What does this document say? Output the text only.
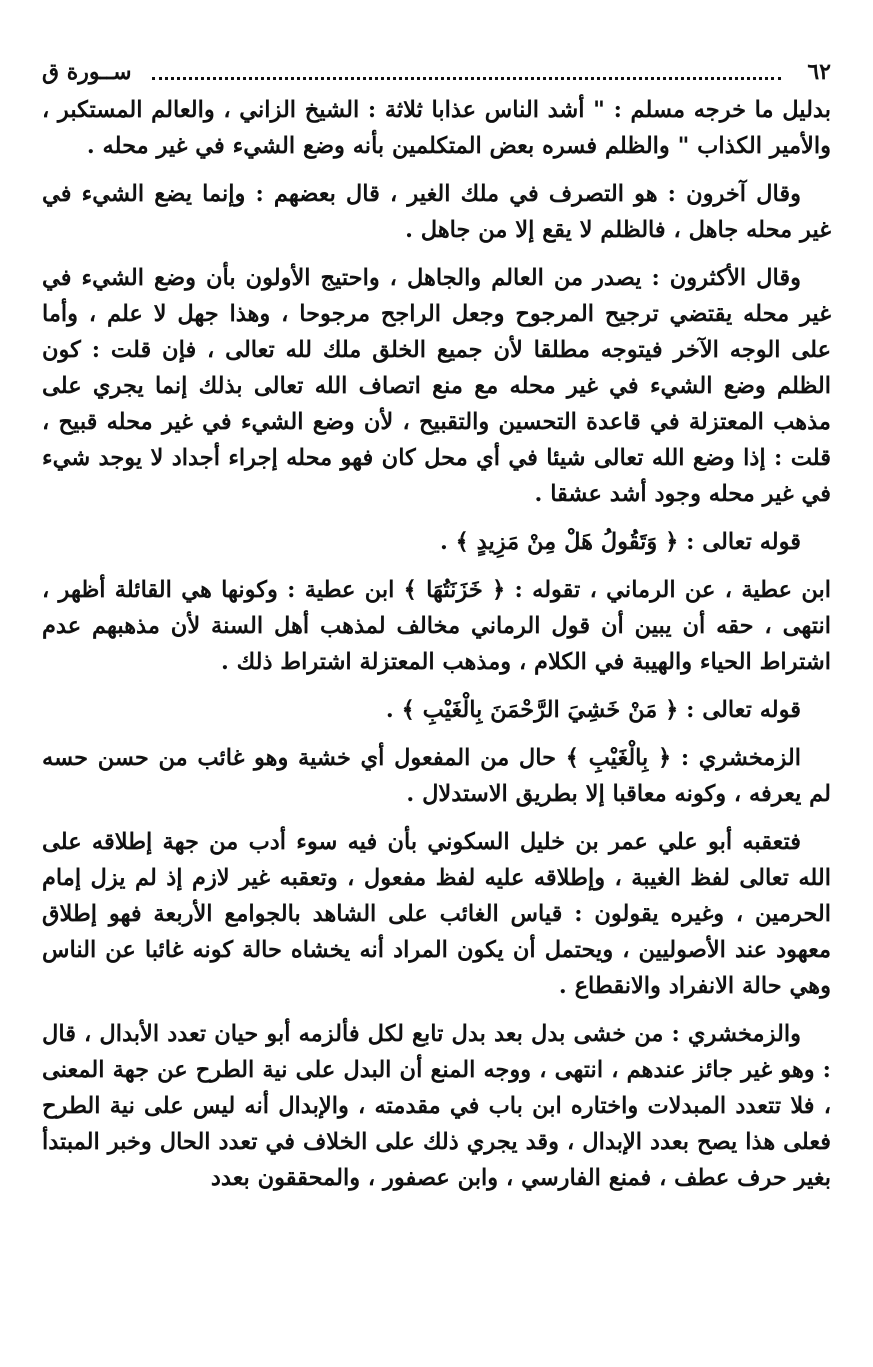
٦٢
ســورة ق

بدليل ما خرجه مسلم : " أشد الناس عذابا ثلاثة : الشيخ الزاني ، والعالم المستكبر ، والأمير الكذاب " والظلم فسره بعض المتكلمين بأنه وضع الشيء في غير محله .

وقال آخرون : هو التصرف في ملك الغير ، قال بعضهم : وإنما يضع الشيء في غير محله جاهل ، فالظلم لا يقع إلا من جاهل .

وقال الأكثرون : يصدر من العالم والجاهل ، واحتيج الأولون بأن وضع الشيء في غير محله يقتضي ترجيح المرجوح وجعل الراجح مرجوحا ، وهذا جهل لا علم ، وأما على الوجه الآخر فيتوجه مطلقا لأن جميع الخلق ملك لله تعالى ، فإن قلت : كون الظلم وضع الشيء في غير محله مع منع اتصاف الله تعالى بذلك إنما يجري على مذهب المعتزلة في قاعدة التحسين والتقبيح ، لأن وضع الشيء في غير محله قبيح ، قلت : إذا وضع الله تعالى شيئا في أي محل كان فهو محله إجراء أجداد لا يوجد شيء في غير محله وجود أشد عشقا .

قوله تعالى : ﴿ وَتَقُولُ هَلْ مِنْ مَزِيدٍ ﴾ .

ابن عطية ، عن الرماني ، تقوله : ﴿ خَزَنَتُهَا ﴾ ابن عطية : وكونها هي القائلة أظهر ، انتهى ، حقه أن يبين أن قول الرماني مخالف لمذهب أهل السنة لأن مذهبهم عدم اشتراط الحياء والهيبة في الكلام ، ومذهب المعتزلة اشتراط ذلك .

قوله تعالى : ﴿ مَنْ خَشِيَ الرَّحْمَنَ بِالْغَيْبِ ﴾ .

الزمخشري : ﴿ بِالْغَيْبِ ﴾ حال من المفعول أي خشية وهو غائب من حسن حسه لم يعرفه ، وكونه معاقبا إلا بطريق الاستدلال .

فتعقبه أبو علي عمر بن خليل السكوني بأن فيه سوء أدب من جهة إطلاقه على الله تعالى لفظ الغيبة ، وإطلاقه عليه لفظ مفعول ، وتعقبه غير لازم إذ لم يزل إمام الحرمين ، وغيره يقولون : قياس الغائب على الشاهد بالجوامع الأربعة فهو إطلاق معهود عند الأصوليين ، ويحتمل أن يكون المراد أنه يخشاه حالة كونه غائبا عن الناس وهي حالة الانفراد والانقطاع .

والزمخشري : من خشى بدل بعد بدل تابع لكل فألزمه أبو حيان تعدد الأبدال ، قال : وهو غير جائز عندهم ، انتهى ، ووجه المنع أن البدل على نية الطرح عن جهة المعنى ، فلا تتعدد المبدلات واختاره ابن باب في مقدمته ، والإبدال أنه ليس على نية الطرح فعلى هذا يصح بعدد الإبدال ، وقد يجري ذلك على الخلاف في تعدد الحال وخبر المبتدأ بغير حرف عطف ، فمنع الفارسي ، وابن عصفور ، والمحققون بعدد
